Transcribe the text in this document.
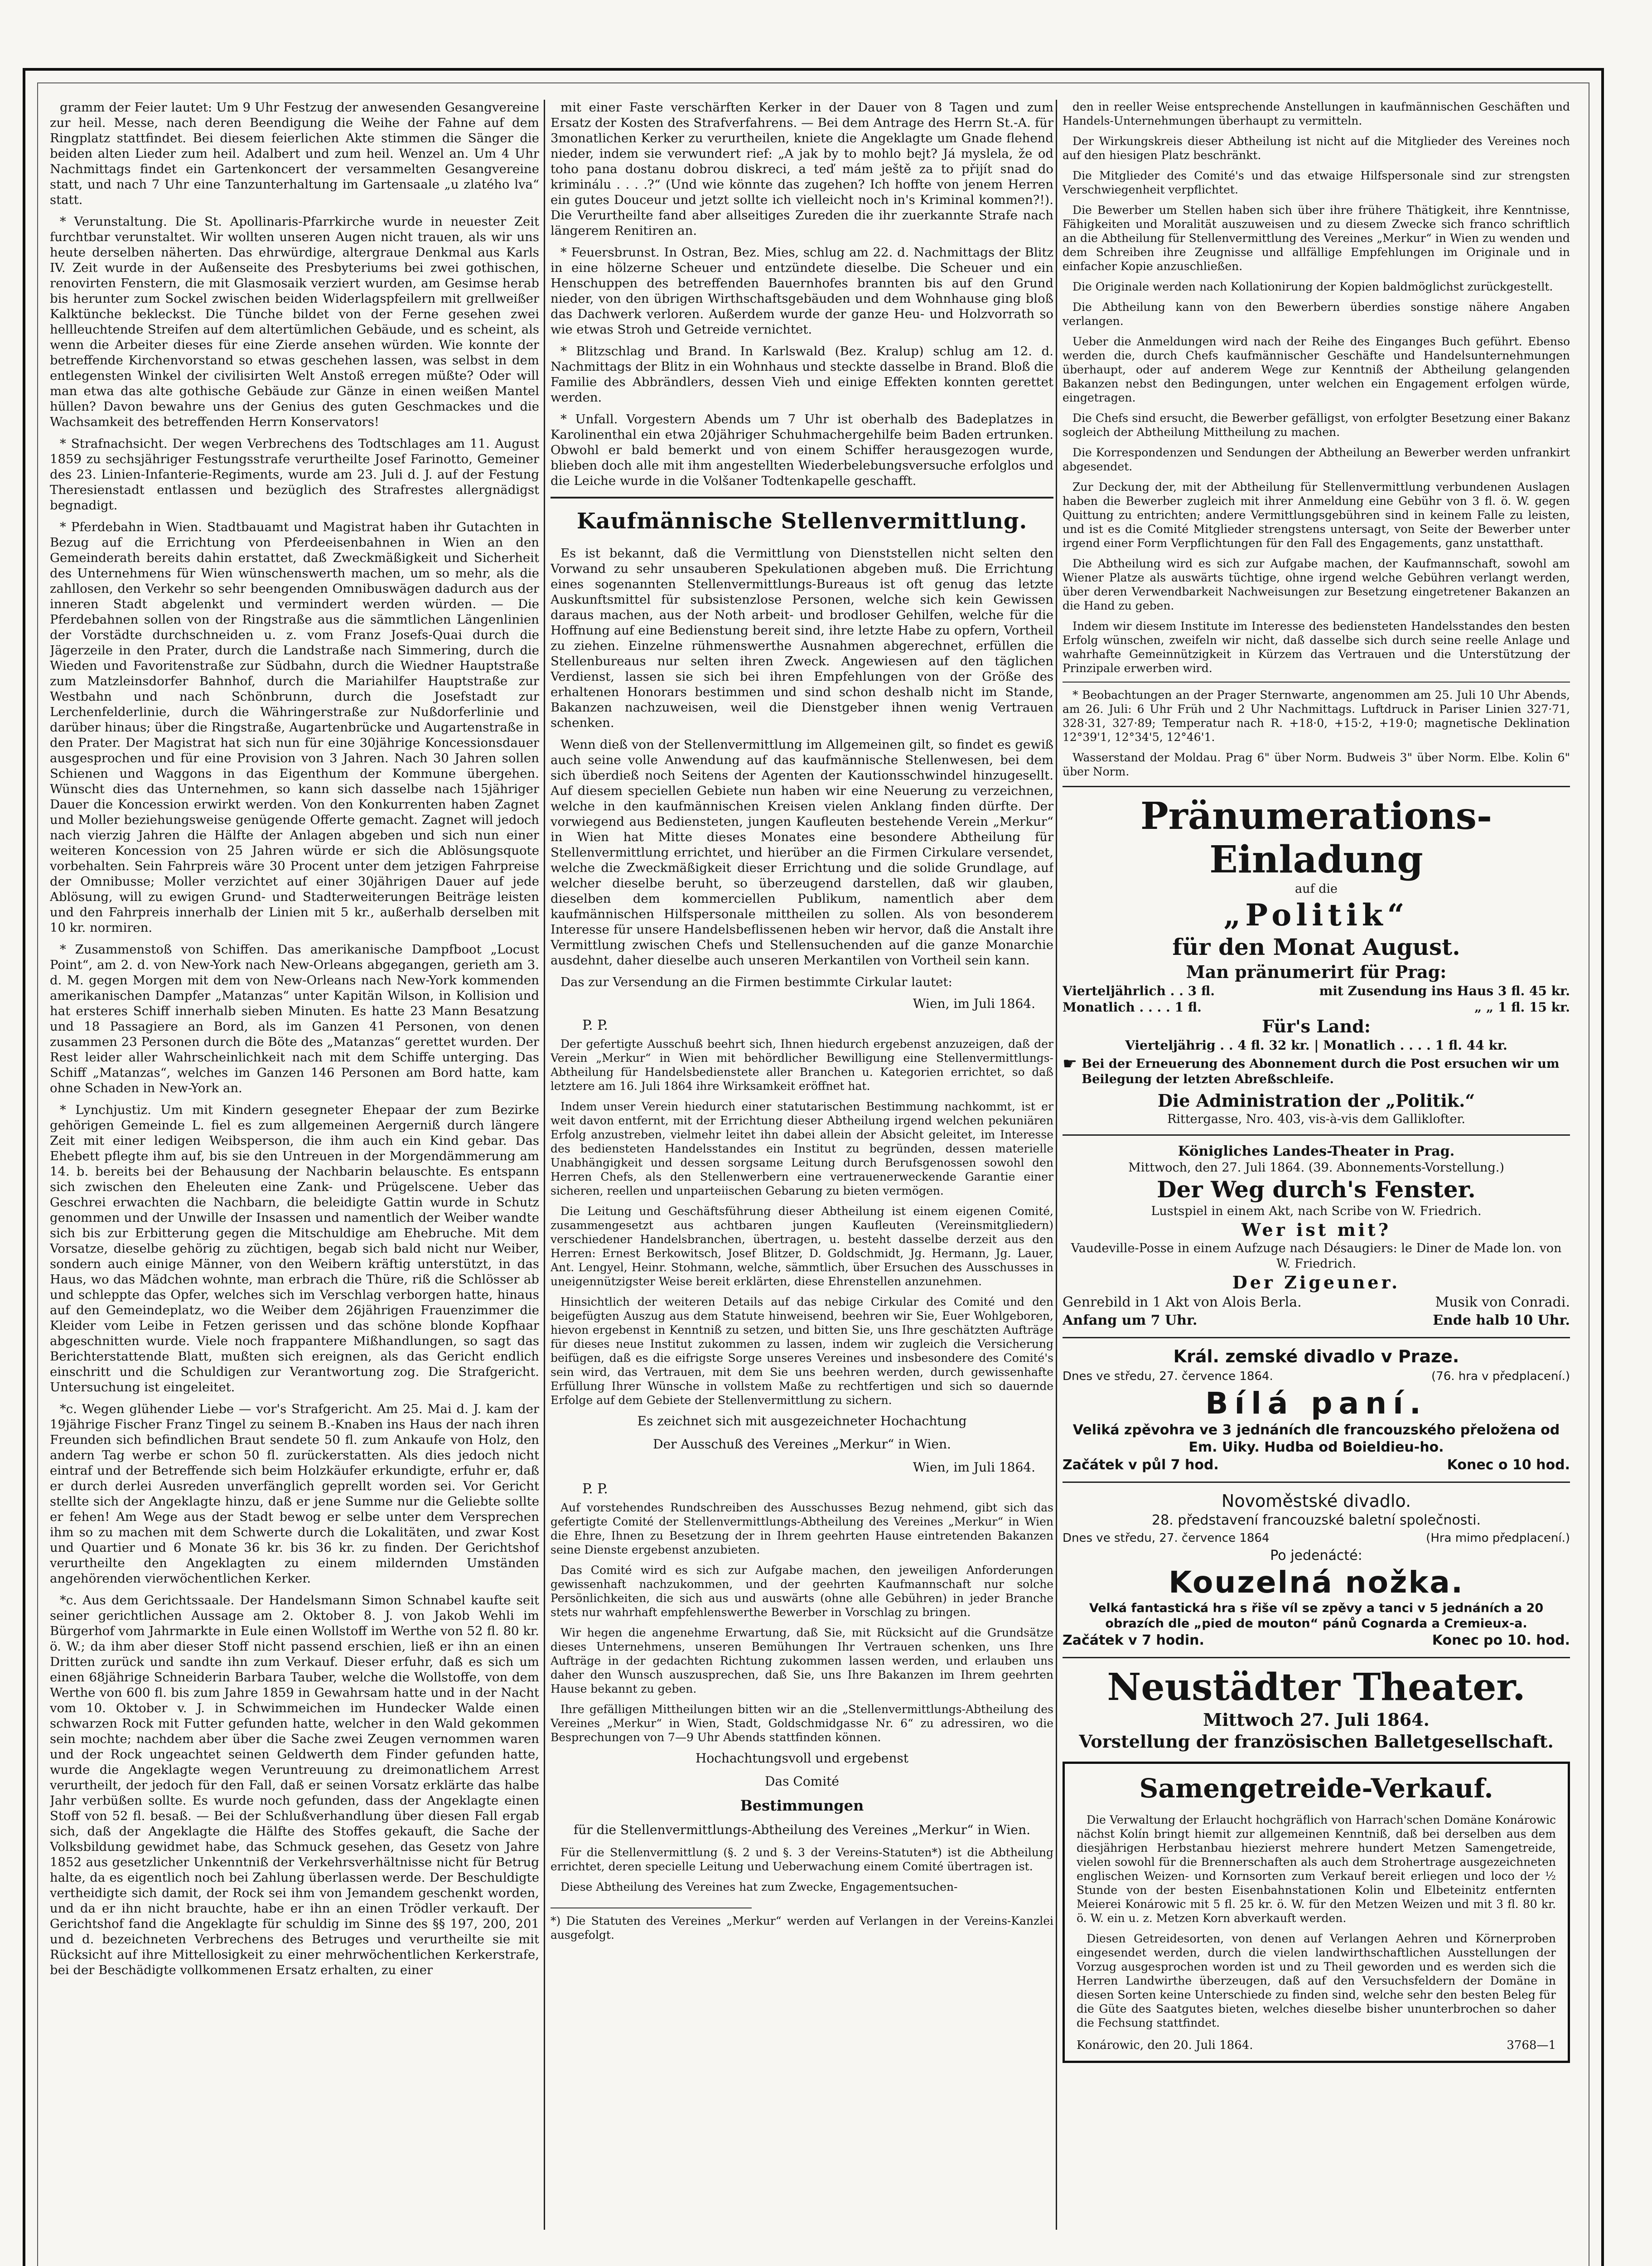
gramm der Feier lautet: Um 9 Uhr Festzug der anwesenden Gesangvereine zur heil. Messe, nach deren Beendigung die Weihe der Fahne auf dem Ringplatz stattfindet. Bei diesem feierlichen Akte stimmen die Sänger die beiden alten Lieder zum heil. Adalbert und zum heil. Wenzel an. Um 4 Uhr Nachmittags findet ein Gartenkoncert der versammelten Gesangvereine statt, und nach 7 Uhr eine Tanzunterhaltung im Gartensaale „u zlatého lva“ statt.

* Verunstaltung. Die St. Apollinaris-Pfarrkirche wurde in neuester Zeit furchtbar verunstaltet. Wir wollten unseren Augen nicht trauen, als wir uns heute derselben näherten. Das ehrwürdige, altergraue Denkmal aus Karls IV. Zeit wurde in der Außenseite des Presbyteriums bei zwei gothischen, renovirten Fenstern, die mit Glasmosaik verziert wurden, am Gesimse herab bis herunter zum Sockel zwischen beiden Widerlagspfeilern mit grellweißer Kalktünche bekleckst. Die Tünche bildet von der Ferne gesehen zwei hellleuchtende Streifen auf dem altertümlichen Gebäude, und es scheint, als wenn die Arbeiter dieses für eine Zierde ansehen würden. Wie konnte der betreffende Kirchenvorstand so etwas geschehen lassen, was selbst in dem entlegensten Winkel der civilisirten Welt Anstoß erregen müßte? Oder will man etwa das alte gothische Gebäude zur Gänze in einen weißen Mantel hüllen? Davon bewahre uns der Genius des guten Geschmackes und die Wachsamkeit des betreffenden Herrn Konservators!

* Strafnachsicht. Der wegen Verbrechens des Todtschlages am 11. August 1859 zu sechsjähriger Festungsstrafe verurtheilte Josef Farinotto, Gemeiner des 23. Linien-Infanterie-Regiments, wurde am 23. Juli d. J. auf der Festung Theresienstadt entlassen und bezüglich des Strafrestes allergnädigst begnadigt.

* Pferdebahn in Wien. Stadtbauamt und Magistrat haben ihr Gutachten in Bezug auf die Errichtung von Pferdeeisenbahnen in Wien an den Gemeinderath bereits dahin erstattet, daß Zweckmäßigkeit und Sicherheit des Unternehmens für Wien wünschenswerth machen, um so mehr, als die zahllosen, den Verkehr so sehr beengenden Omnibuswägen dadurch aus der inneren Stadt abgelenkt und vermindert werden würden. — Die Pferdebahnen sollen von der Ringstraße aus die sämmtlichen Längenlinien der Vorstädte durchschneiden u. z. vom Franz Josefs-Quai durch die Jägerzeile in den Prater, durch die Landstraße nach Simmering, durch die Wieden und Favoritenstraße zur Südbahn, durch die Wiedner Hauptstraße zum Matzleinsdorfer Bahnhof, durch die Mariahilfer Hauptstraße zur Westbahn und nach Schönbrunn, durch die Josefstadt zur Lerchenfelderlinie, durch die Währingerstraße zur Nußdorferlinie und darüber hinaus; über die Ringstraße, Augartenbrücke und Augartenstraße in den Prater. Der Magistrat hat sich nun für eine 30jährige Koncessionsdauer ausgesprochen und für eine Provision von 3 Jahren. Nach 30 Jahren sollen Schienen und Waggons in das Eigenthum der Kommune übergehen. Wünscht dies das Unternehmen, so kann sich dasselbe nach 15jähriger Dauer die Koncession erwirkt werden. Von den Konkurrenten haben Zagnet und Moller beziehungsweise genügende Offerte gemacht. Zagnet will jedoch nach vierzig Jahren die Hälfte der Anlagen abgeben und sich nun einer weiteren Koncession von 25 Jahren würde er sich die Ablösungsquote vorbehalten. Sein Fahrpreis wäre 30 Procent unter dem jetzigen Fahrpreise der Omnibusse; Moller verzichtet auf einer 30jährigen Dauer auf jede Ablösung, will zu ewigen Grund- und Stadterweiterungen Beiträge leisten und den Fahrpreis innerhalb der Linien mit 5 kr., außerhalb derselben mit 10 kr. normiren.

* Zusammenstoß von Schiffen. Das amerikanische Dampfboot „Locust Point“, am 2. d. von New-York nach New-Orleans abgegangen, gerieth am 3. d. M. gegen Morgen mit dem von New-Orleans nach New-York kommenden amerikanischen Dampfer „Matanzas“ unter Kapitän Wilson, in Kollision und hat ersteres Schiff innerhalb sieben Minuten. Es hatte 23 Mann Besatzung und 18 Passagiere an Bord, als im Ganzen 41 Personen, von denen zusammen 23 Personen durch die Böte des „Matanzas“ gerettet wurden. Der Rest leider aller Wahrscheinlichkeit nach mit dem Schiffe unterging. Das Schiff „Matanzas“, welches im Ganzen 146 Personen am Bord hatte, kam ohne Schaden in New-York an.

* Lynchjustiz. Um mit Kindern gesegneter Ehepaar der zum Bezirke gehörigen Gemeinde L. fiel es zum allgemeinen Aergerniß durch längere Zeit mit einer ledigen Weibsperson, die ihm auch ein Kind gebar. Das Ehebett pflegte ihm auf, bis sie den Untreuen in der Morgendämmerung am 14. b. bereits bei der Behausung der Nachbarin belauschte. Es entspann sich zwischen den Eheleuten eine Zank- und Prügelscene. Ueber das Geschrei erwachten die Nachbarn, die beleidigte Gattin wurde in Schutz genommen und der Unwille der Insassen und namentlich der Weiber wandte sich bis zur Erbitterung gegen die Mitschuldige am Ehebruche. Mit dem Vorsatze, dieselbe gehörig zu züchtigen, begab sich bald nicht nur Weiber, sondern auch einige Männer, von den Weibern kräftig unterstützt, in das Haus, wo das Mädchen wohnte, man erbrach die Thüre, riß die Schlösser ab und schleppte das Opfer, welches sich im Verschlag verborgen hatte, hinaus auf den Gemeindeplatz, wo die Weiber dem 26jährigen Frauenzimmer die Kleider vom Leibe in Fetzen gerissen und das schöne blonde Kopfhaar abgeschnitten wurde. Viele noch frappantere Mißhandlungen, so sagt das Berichterstattende Blatt, mußten sich ereignen, als das Gericht endlich einschritt und die Schuldigen zur Verantwortung zog. Die Strafgericht. Untersuchung ist eingeleitet.

*c. Wegen glühender Liebe — vor's Strafgericht. Am 25. Mai d. J. kam der 19jährige Fischer Franz Tingel zu seinem B.-Knaben ins Haus der nach ihren Freunden sich befindlichen Braut sendete 50 fl. zum Ankaufe von Holz, den andern Tag werbe er schon 50 fl. zurückerstatten. Als dies jedoch nicht eintraf und der Betreffende sich beim Holzkäufer erkundigte, erfuhr er, daß er durch derlei Ausreden unverfänglich geprellt worden sei. Vor Gericht stellte sich der Angeklagte hinzu, daß er jene Summe nur die Geliebte sollte er fehen! Am Wege aus der Stadt bewog er selbe unter dem Versprechen ihm so zu machen mit dem Schwerte durch die Lokalitäten, und zwar Kost und Quartier und 6 Monate 36 kr. bis 36 kr. zu finden. Der Gerichtshof verurtheilte den Angeklagten zu einem mildernden Umständen angehörenden vierwöchentlichen Kerker.

*c. Aus dem Gerichtssaale. Der Handelsmann Simon Schnabel kaufte seit seiner gerichtlichen Aussage am 2. Oktober 8. J. von Jakob Wehli im Bürgerhof vom Jahrmarkte in Eule einen Wollstoff im Werthe von 52 fl. 80 kr. ö. W.; da ihm aber dieser Stoff nicht passend erschien, ließ er ihn an einen Dritten zurück und sandte ihn zum Verkauf. Dieser erfuhr, daß es sich um einen 68jährige Schneiderin Barbara Tauber, welche die Wollstoffe, von dem Werthe von 600 fl. bis zum Jahre 1859 in Gewahrsam hatte und in der Nacht vom 10. Oktober v. J. in Schwimmeichen im Hundecker Walde einen schwarzen Rock mit Futter gefunden hatte, welcher in den Wald gekommen sein mochte; nachdem aber über die Sache zwei Zeugen vernommen waren und der Rock ungeachtet seinen Geldwerth dem Finder gefunden hatte, wurde die Angeklagte wegen Veruntreuung zu dreimonatlichem Arrest verurtheilt, der jedoch für den Fall, daß er seinen Vorsatz erklärte das halbe Jahr verbüßen sollte. Es wurde noch gefunden, dass der Angeklagte einen Stoff von 52 fl. besaß. — Bei der Schlußverhandlung über diesen Fall ergab sich, daß der Angeklagte die Hälfte des Stoffes gekauft, die Sache der Volksbildung gewidmet habe, das Schmuck gesehen, das Gesetz von Jahre 1852 aus gesetzlicher Unkenntniß der Verkehrsverhältnisse nicht für Betrug halte, da es eigentlich noch bei Zahlung überlassen werde. Der Beschuldigte vertheidigte sich damit, der Rock sei ihm von Jemandem geschenkt worden, und da er ihn nicht brauchte, habe er ihn an einen Trödler verkauft. Der Gerichtshof fand die Angeklagte für schuldig im Sinne des §§ 197, 200, 201 und d. bezeichneten Verbrechens des Betruges und verurtheilte sie mit Rücksicht auf ihre Mittellosigkeit zu einer mehrwöchentlichen Kerkerstrafe, bei der Beschädigte vollkommenen Ersatz erhalten, zu einer

mit einer Faste verschärften Kerker in der Dauer von 8 Tagen und zum Ersatz der Kosten des Strafverfahrens. — Bei dem Antrage des Herrn St.-A. für 3monatlichen Kerker zu verurtheilen, kniete die Angeklagte um Gnade flehend nieder, indem sie verwundert rief: „A jak by to mohlo bejt? Já myslela, že od toho pana dostanu dobrou diskreci, a teď mám ještě za to přijít snad do kriminálu . . . .?“ (Und wie könnte das zugehen? Ich hoffte von jenem Herren ein gutes Douceur und jetzt sollte ich vielleicht noch in's Kriminal kommen?!). Die Verurtheilte fand aber allseitiges Zureden die ihr zuerkannte Strafe nach längerem Renitiren an.

* Feuersbrunst. In Ostran, Bez. Mies, schlug am 22. d. Nachmittags der Blitz in eine hölzerne Scheuer und entzündete dieselbe. Die Scheuer und ein Henschuppen des betreffenden Bauernhofes brannten bis auf den Grund nieder, von den übrigen Wirthschaftsgebäuden und dem Wohnhause ging bloß das Dachwerk verloren. Außerdem wurde der ganze Heu- und Holzvorrath so wie etwas Stroh und Getreide vernichtet.

* Blitzschlag und Brand. In Karlswald (Bez. Kralup) schlug am 12. d. Nachmittags der Blitz in ein Wohnhaus und steckte dasselbe in Brand. Bloß die Familie des Abbrändlers, dessen Vieh und einige Effekten konnten gerettet werden.

* Unfall. Vorgestern Abends um 7 Uhr ist oberhalb des Badeplatzes in Karolinenthal ein etwa 20jähriger Schuhmachergehilfe beim Baden ertrunken. Obwohl er bald bemerkt und von einem Schiffer herausgezogen wurde, blieben doch alle mit ihm angestellten Wiederbelebungsversuche erfolglos und die Leiche wurde in die Volšaner Todtenkapelle geschafft.

Kaufmännische Stellenvermittlung.

Es ist bekannt, daß die Vermittlung von Dienststellen nicht selten den Vorwand zu sehr unsauberen Spekulationen abgeben muß. Die Errichtung eines sogenannten Stellenvermittlungs-Bureaus ist oft genug das letzte Auskunftsmittel für subsistenzlose Personen, welche sich kein Gewissen daraus machen, aus der Noth arbeit- und brodloser Gehilfen, welche für die Hoffnung auf eine Bedienstung bereit sind, ihre letzte Habe zu opfern, Vortheil zu ziehen. Einzelne rühmenswerthe Ausnahmen abgerechnet, erfüllen die Stellenbureaus nur selten ihren Zweck. Angewiesen auf den täglichen Verdienst, lassen sie sich bei ihren Empfehlungen von der Größe des erhaltenen Honorars bestimmen und sind schon deshalb nicht im Stande, Bakanzen nachzuweisen, weil die Dienstgeber ihnen wenig Vertrauen schenken.

Wenn dieß von der Stellenvermittlung im Allgemeinen gilt, so findet es gewiß auch seine volle Anwendung auf das kaufmännische Stellenwesen, bei dem sich überdieß noch Seitens der Agenten der Kautionsschwindel hinzugesellt. Auf diesem speciellen Gebiete nun haben wir eine Neuerung zu verzeichnen, welche in den kaufmännischen Kreisen vielen Anklang finden dürfte. Der vorwiegend aus Bediensteten, jungen Kaufleuten bestehende Verein „Merkur“ in Wien hat Mitte dieses Monates eine besondere Abtheilung für Stellenvermittlung errichtet, und hierüber an die Firmen Cirkulare versendet, welche die Zweckmäßigkeit dieser Errichtung und die solide Grundlage, auf welcher dieselbe beruht, so überzeugend darstellen, daß wir glauben, dieselben dem kommerciellen Publikum, namentlich aber dem kaufmännischen Hilfspersonale mittheilen zu sollen. Als von besonderem Interesse für unsere Handelsbeflissenen heben wir hervor, daß die Anstalt ihre Vermittlung zwischen Chefs und Stellensuchenden auf die ganze Monarchie ausdehnt, daher dieselbe auch unseren Merkantilen von Vortheil sein kann.

Das zur Versendung an die Firmen bestimmte Cirkular lautet:

Wien, im Juli 1864.
P. P.

Der gefertigte Ausschuß beehrt sich, Ihnen hiedurch ergebenst anzuzeigen, daß der Verein „Merkur“ in Wien mit behördlicher Bewilligung eine Stellenvermittlungs-Abtheilung für Handelsbedienstete aller Branchen u. Kategorien errichtet, so daß letztere am 16. Juli 1864 ihre Wirksamkeit eröffnet hat.

Indem unser Verein hiedurch einer statutarischen Bestimmung nachkommt, ist er weit davon entfernt, mit der Errichtung dieser Abtheilung irgend welchen pekuniären Erfolg anzustreben, vielmehr leitet ihn dabei allein der Absicht geleitet, im Interesse des bediensteten Handelsstandes ein Institut zu begründen, dessen materielle Unabhängigkeit und dessen sorgsame Leitung durch Berufsgenossen sowohl den Herren Chefs, als den Stellenwerbern eine vertrauenerweckende Garantie einer sicheren, reellen und unparteiischen Gebarung zu bieten vermögen.

Die Leitung und Geschäftsführung dieser Abtheilung ist einem eigenen Comité, zusammengesetzt aus achtbaren jungen Kaufleuten (Vereinsmitgliedern) verschiedener Handelsbranchen, übertragen, u. besteht dasselbe derzeit aus den Herren: Ernest Berkowitsch, Josef Blitzer, D. Goldschmidt, Jg. Hermann, Jg. Lauer, Ant. Lengyel, Heinr. Stohmann, welche, sämmtlich, über Ersuchen des Ausschusses in uneigennützigster Weise bereit erklärten, diese Ehrenstellen anzunehmen.

Hinsichtlich der weiteren Details auf das nebige Cirkular des Comité und den beigefügten Auszug aus dem Statute hinweisend, beehren wir Sie, Euer Wohlgeboren, hievon ergebenst in Kenntniß zu setzen, und bitten Sie, uns Ihre geschätzten Aufträge für dieses neue Institut zukommen zu lassen, indem wir zugleich die Versicherung beifügen, daß es die eifrigste Sorge unseres Vereines und insbesondere des Comité's sein wird, das Vertrauen, mit dem Sie uns beehren werden, durch gewissenhafte Erfüllung Ihrer Wünsche in vollstem Maße zu rechtfertigen und sich so dauernde Erfolge auf dem Gebiete der Stellenvermittlung zu sichern.

Es zeichnet sich mit ausgezeichneter Hochachtung
Der Ausschuß des Vereines „Merkur“ in Wien.
Wien, im Juli 1864.
P. P.

Auf vorstehendes Rundschreiben des Ausschusses Bezug nehmend, gibt sich das gefertigte Comité der Stellenvermittlungs-Abtheilung des Vereines „Merkur“ in Wien die Ehre, Ihnen zu Besetzung der in Ihrem geehrten Hause eintretenden Bakanzen seine Dienste ergebenst anzubieten.

Das Comité wird es sich zur Aufgabe machen, den jeweiligen Anforderungen gewissenhaft nachzukommen, und der geehrten Kaufmannschaft nur solche Persönlichkeiten, die sich aus und auswärts (ohne alle Gebühren) in jeder Branche stets nur wahrhaft empfehlenswerthe Bewerber in Vorschlag zu bringen.

Wir hegen die angenehme Erwartung, daß Sie, mit Rücksicht auf die Grundsätze dieses Unternehmens, unseren Bemühungen Ihr Vertrauen schenken, uns Ihre Aufträge in der gedachten Richtung zukommen lassen werden, und erlauben uns daher den Wunsch auszusprechen, daß Sie, uns Ihre Bakanzen im Ihrem geehrten Hause bekannt zu geben.

Ihre gefälligen Mittheilungen bitten wir an die „Stellenvermittlungs-Abtheilung des Vereines „Merkur“ in Wien, Stadt, Goldschmidgasse Nr. 6“ zu adressiren, wo die Besprechungen von 7—9 Uhr Abends stattfinden können.

Hochachtungsvoll und ergebenst
Das Comité
Bestimmungen
für die Stellenvermittlungs-Abtheilung des Vereines „Merkur“ in Wien.

Für die Stellenvermittlung (§. 2 und §. 3 der Vereins-Statuten*) ist die Abtheilung errichtet, deren specielle Leitung und Ueberwachung einem Comité übertragen ist.

Diese Abtheilung des Vereines hat zum Zwecke, Engagementsuchen-

*) Die Statuten des Vereines „Merkur“ werden auf Verlangen in der Vereins-Kanzlei ausgefolgt.

den in reeller Weise entsprechende Anstellungen in kaufmännischen Geschäften und Handels-Unternehmungen überhaupt zu vermitteln.

Der Wirkungskreis dieser Abtheilung ist nicht auf die Mitglieder des Vereines noch auf den hiesigen Platz beschränkt.

Die Mitglieder des Comité's und das etwaige Hilfspersonale sind zur strengsten Verschwiegenheit verpflichtet.

Die Bewerber um Stellen haben sich über ihre frühere Thätigkeit, ihre Kenntnisse, Fähigkeiten und Moralität auszuweisen und zu diesem Zwecke sich franco schriftlich an die Abtheilung für Stellenvermittlung des Vereines „Merkur“ in Wien zu wenden und dem Schreiben ihre Zeugnisse und allfällige Empfehlungen im Originale und in einfacher Kopie anzuschließen.

Die Originale werden nach Kollationirung der Kopien baldmöglichst zurückgestellt.

Die Abtheilung kann von den Bewerbern überdies sonstige nähere Angaben verlangen.

Ueber die Anmeldungen wird nach der Reihe des Einganges Buch geführt. Ebenso werden die, durch Chefs kaufmännischer Geschäfte und Handelsunternehmungen überhaupt, oder auf anderem Wege zur Kenntniß der Abtheilung gelangenden Bakanzen nebst den Bedingungen, unter welchen ein Engagement erfolgen würde, eingetragen.

Die Chefs sind ersucht, die Bewerber gefälligst, von erfolgter Besetzung einer Bakanz sogleich der Abtheilung Mittheilung zu machen.

Die Korrespondenzen und Sendungen der Abtheilung an Bewerber werden unfrankirt abgesendet.

Zur Deckung der, mit der Abtheilung für Stellenvermittlung verbundenen Auslagen haben die Bewerber zugleich mit ihrer Anmeldung eine Gebühr von 3 fl. ö. W. gegen Quittung zu entrichten; andere Vermittlungsgebühren sind in keinem Falle zu leisten, und ist es die Comité Mitglieder strengstens untersagt, von Seite der Bewerber unter irgend einer Form Verpflichtungen für den Fall des Engagements, ganz unstatthaft.

Die Abtheilung wird es sich zur Aufgabe machen, der Kaufmannschaft, sowohl am Wiener Platze als auswärts tüchtige, ohne irgend welche Gebühren verlangt werden, über deren Verwendbarkeit Nachweisungen zur Besetzung eingetretener Bakanzen an die Hand zu geben.

Indem wir diesem Institute im Interesse des bediensteten Handelsstandes den besten Erfolg wünschen, zweifeln wir nicht, daß dasselbe sich durch seine reelle Anlage und wahrhafte Gemeinnützigkeit in Kürzem das Vertrauen und die Unterstützung der Prinzipale erwerben wird.

* Beobachtungen an der Prager Sternwarte, angenommen am 25. Juli 10 Uhr Abends, am 26. Juli: 6 Uhr Früh und 2 Uhr Nachmittags. Luftdruck in Pariser Linien 327·71, 328·31, 327·89; Temperatur nach R. +18·0, +15·2, +19·0; magnetische Deklination 12°39'1, 12°34'5, 12°46'1.

Wasserstand der Moldau. Prag 6" über Norm. Budweis 3" über Norm. Elbe. Kolin 6" über Norm.

Pränumerations-Einladung
auf die
„Politik“
für den Monat August.
Man pränumerirt für Prag:
Vierteljährlich . . 3 fl.	mit Zusendung ins Haus 3 fl. 45 kr.
Monatlich . . . . 1 fl.	„ „ 1 fl. 15 kr.
Für's Land:
Vierteljährig . . 4 fl. 32 kr. | Monatlich . . . . 1 fl. 44 kr.
☛ Bei der Erneuerung des Abonnement durch die Post ersuchen wir um Beilegung der letzten Abreßschleife.
Die Administration der „Politik.“
Rittergasse, Nro. 403, vis-à-vis dem Galliklofter.
Königliches Landes-Theater in Prag.
Mittwoch, den 27. Juli 1864. (39. Abonnements-Vorstellung.)
Der Weg durch's Fenster.
Lustspiel in einem Akt, nach Scribe von W. Friedrich.
Wer ist mit?
Vaudeville-Posse in einem Aufzuge nach Désaugiers: le Diner de Made lon. von W. Friedrich.
Der Zigeuner.
Genrebild in 1 Akt von Alois Berla.	Musik von Conradi.
Anfang um 7 Uhr.	Ende halb 10 Uhr.
Král. zemské divadlo v Praze.
Dnes ve středu, 27. července 1864.	(76. hra v předplacení.)
Bílá paní.
Veliká zpěvohra ve 3 jednáních dle francouzského přeložena od Em. Uiky. Hudba od Boieldieu-ho.
Začátek v půl 7 hod.	Konec o 10 hod.
Novoměstské divadlo.
28. představení francouzské baletní společnosti.
Dnes ve středu, 27. července 1864	(Hra mimo předplacení.)
Po jedenácté:
Kouzelná nožka.
Velká fantastická hra s řiše víl se zpěvy a tanci v 5 jednáních a 20 obrazích dle „pied de mouton“ pánů Cognarda a Cremieux-a.
Začátek v 7 hodin.	Konec po 10. hod.
Neustädter Theater.
Mittwoch 27. Juli 1864.
Vorstellung der französischen Balletgesellschaft.
Samengetreide-Verkauf.

Die Verwaltung der Erlaucht hochgräflich von Harrach'schen Domäne Konárowic nächst Kolín bringt hiemit zur allgemeinen Kenntniß, daß bei derselben aus dem diesjährigen Herbstanbau hiezierst mehrere hundert Metzen Samengetreide, vielen sowohl für die Brennerschaften als auch dem Strohertrage ausgezeichneten englischen Weizen- und Kornsorten zum Verkauf bereit erliegen und loco der ½ Stunde von der besten Eisenbahnstationen Kolin und Elbeteinitz entfernten Meierei Konárowic mit 5 fl. 25 kr. ö. W. für den Metzen Weizen und mit 3 fl. 80 kr. ö. W. ein u. z. Metzen Korn abverkauft werden.

Diesen Getreidesorten, von denen auf Verlangen Aehren und Körnerproben eingesendet werden, durch die vielen landwirthschaftlichen Ausstellungen der Vorzug ausgesprochen worden ist und zu Theil geworden und es werden sich die Herren Landwirthe überzeugen, daß auf den Versuchsfeldern der Domäne in diesen Sorten keine Unterschiede zu finden sind, welche sehr den besten Beleg für die Güte des Saatgutes bieten, welches dieselbe bisher ununterbrochen so daher die Fechsung stattfindet.

Konárowic, den 20. Juli 1864.	3768—1
